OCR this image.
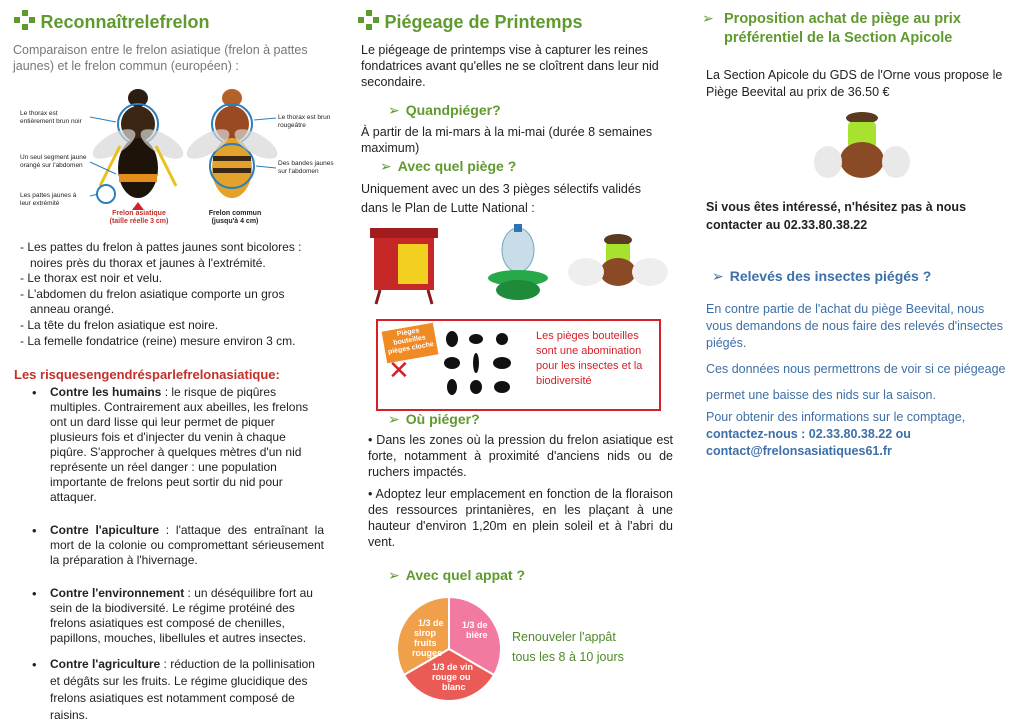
Reconnaîtrelefrelon

Comparaison entre le frelon asiatique (frelon à pattes jaunes) et le frelon commun (européen) :

Le thorax est entièrement brun noir
Un seul segment jaune orangé sur l'abdomen
Les pattes jaunes à leur extrémité
Le thorax est brun rougeâtre
Des bandes jaunes sur l'abdomen
Frelon asiatique
(taille réelle 3 cm)
Frelon commun
(jusqu'à 4 cm)
- Les pattes du frelon à pattes jaunes sont bicolores :
noires près du thorax et jaunes à l'extrémité.
- Le thorax est noir et velu.
- L'abdomen du frelon asiatique comporte un gros
anneau orangé.
- La tête du frelon asiatique est noire.
- La femelle fondatrice (reine) mesure environ 3 cm.
Les risquesengendrésparlefrelonasiatique:
• Contre les humains : le risque de piqûres multiples. Contrairement aux abeilles, les frelons ont un dard lisse qui leur permet de piquer plusieurs fois et d'injecter du venin à chaque piqûre. S'approcher à quelques mètres d'un nid représente un réel danger : une population importante de frelons peut sortir du nid pour attaquer.
• Contre l'apiculture : l'attaque des entraînant la mort de la colonie ou compromettant sérieusement la préparation à l'hivernage.
• Contre l'environnement : un déséquilibre fort au sein de la biodiversité. Le régime protéiné des frelons asiatiques est composé de chenilles, papillons, mouches, libellules et autres insectes.
• Contre l'agriculture : réduction de la pollinisation et dégâts sur les fruits. Le régime glucidique des frelons asiatiques est notamment composé de raisins.
Piégeage de Printemps

Le piégeage de printemps vise à capturer les reines fondatrices avant qu'elles ne se cloîtrent dans leur nid secondaire.

➢ Quandpiéger?

À partir de la mi-mars à la mi-mai (durée 8 semaines maximum)

➢ Avec quel piège ?

Uniquement avec un des 3 pièges sélectifs validés dans le Plan de Lutte National :

Pièges bouteilles pièges cloche
✕
Les pièges bouteilles sont une abomination pour les insectes et la biodiversité
➢ Où piéger?

• Dans les zones où la pression du frelon asiatique est forte, notamment à proximité d'anciens nids ou de ruchers impactés.

• Adoptez leur emplacement en fonction de la floraison des ressources printanières, en les plaçant à une hauteur d'environ 1,20m en plein soleil et à l'abri du vent.

➢ Avec quel appat ?
1/3 de sirop fruits rouges
1/3 de bière
1/3 de vin rouge ou blanc

Renouveler l'appât tous les 8 à 10 jours

➢ Proposition achat de piège au prix
préférentiel de la Section Apicole

La Section Apicole du GDS de l'Orne vous propose le Piège Beevital au prix de 36.50 €

Si vous êtes intéressé, n'hésitez pas à nous contacter au 02.33.80.38.22

➢ Relevés des insectes piégés ?

En contre partie de l'achat du piège Beevital, nous vous demandons de nous faire des relevés d'insectes piégés.

Ces données nous permettrons de voir si ce piégeage

permet une baisse des nids sur la saison.

Pour obtenir des informations sur le comptage,

contactez-nous : 02.33.80.38.22 ou

contact@frelonsasiatiques61.fr
